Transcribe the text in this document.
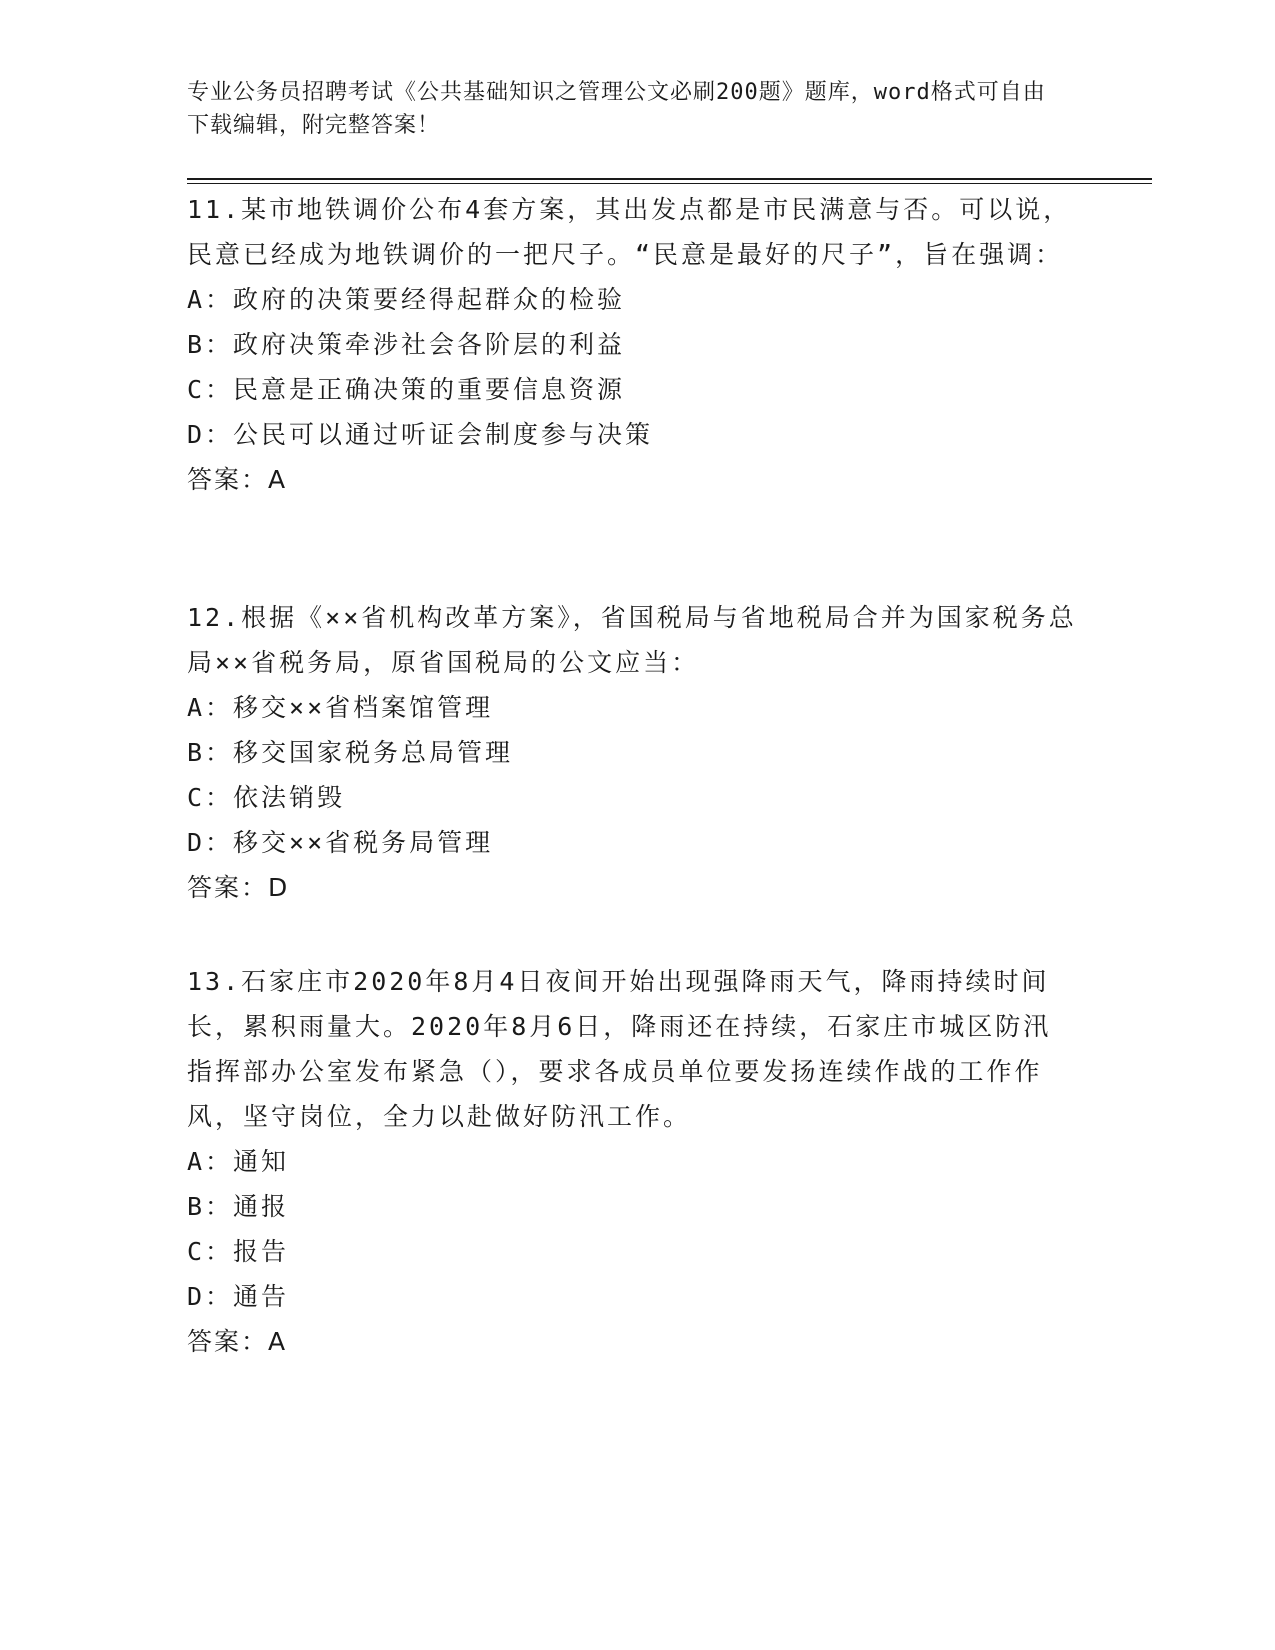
专业公务员招聘考试《公共基础知识之管理公文必刷200题》题库，word格式可自由下载编辑，附完整答案！

11.某市地铁调价公布4套方案，其出发点都是市民满意与否。可以说，民意已经成为地铁调价的一把尺子。“民意是最好的尺子”，旨在强调：

A：政府的决策要经得起群众的检验

B：政府决策牵涉社会各阶层的利益

C：民意是正确决策的重要信息资源

D：公民可以通过听证会制度参与决策

答案：A

12.根据《××省机构改革方案》，省国税局与省地税局合并为国家税务总局××省税务局，原省国税局的公文应当：

A：移交××省档案馆管理

B：移交国家税务总局管理

C：依法销毁

D：移交××省税务局管理

答案：D

13.石家庄市2020年8月4日夜间开始出现强降雨天气，降雨持续时间长，累积雨量大。2020年8月6日，降雨还在持续，石家庄市城区防汛指挥部办公室发布紧急（），要求各成员单位要发扬连续作战的工作作风，坚守岗位，全力以赴做好防汛工作。

A：通知

B：通报

C：报告

D：通告

答案：A
